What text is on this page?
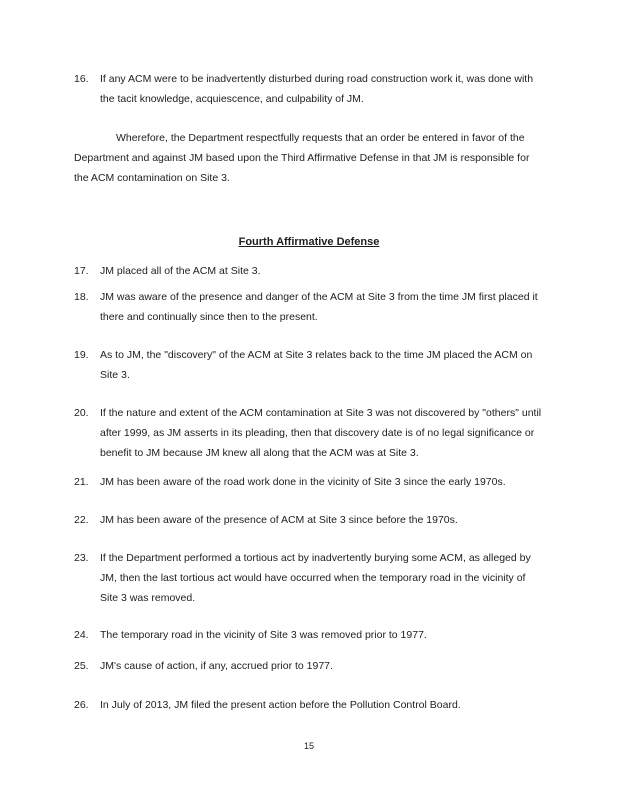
16.	If any ACM were to be inadvertently disturbed during road construction work it, was done with the tacit knowledge, acquiescence, and culpability of JM.
Wherefore, the Department respectfully requests that an order be entered in favor of the Department and against JM based upon the Third Affirmative Defense in that JM is responsible for the ACM contamination on Site 3.
Fourth Affirmative Defense
17.	JM placed all of the ACM at Site 3.
18.	JM was aware of the presence and danger of the ACM at Site 3 from the time JM first placed it there and continually since then to the present.
19.	As to JM, the "discovery" of the ACM at Site 3 relates back to the time JM placed the ACM on Site 3.
20.	If the nature and extent of the ACM contamination at Site 3 was not discovered by "others" until after 1999, as JM asserts in its pleading, then that discovery date is of no legal significance or benefit to JM because JM knew all along that the ACM was at Site 3.
21.	JM has been aware of the road work done in the vicinity of Site 3 since the early 1970s.
22.	JM has been aware of the presence of ACM at Site 3 since before the 1970s.
23.	If the Department performed a tortious act by inadvertently burying some ACM, as alleged by JM, then the last tortious act would have occurred when the temporary road in the vicinity of Site 3 was removed.
24.	The temporary road in the vicinity of Site 3 was removed prior to 1977.
25.	JM's cause of action, if any, accrued prior to 1977.
26.	In July of 2013, JM filed the present action before the Pollution Control Board.
15
